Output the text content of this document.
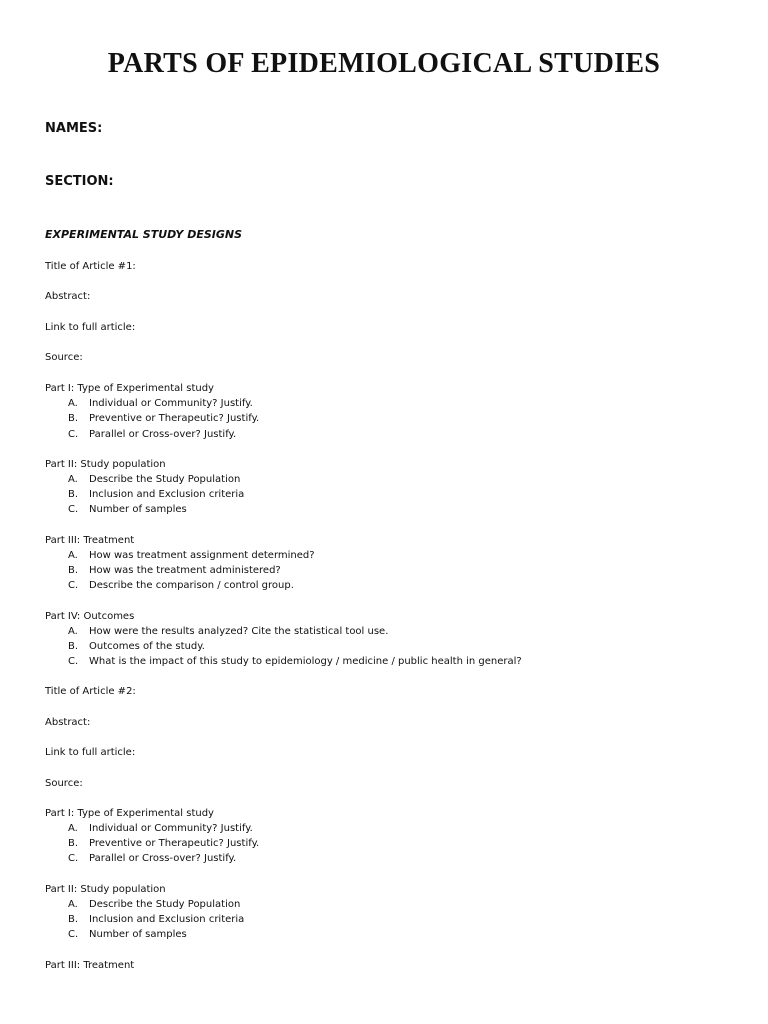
PARTS OF EPIDEMIOLOGICAL STUDIES
NAMES:
SECTION:
EXPERIMENTAL STUDY DESIGNS
Title of Article #1:
Abstract:
Link to full article:
Source:
Part I: Type of Experimental study
A. Individual or Community? Justify.
B. Preventive or Therapeutic? Justify.
C. Parallel or Cross-over? Justify.
Part II: Study population
A. Describe the Study Population
B. Inclusion and Exclusion criteria
C. Number of samples
Part III: Treatment
A. How was treatment assignment determined?
B. How was the treatment administered?
C. Describe the comparison / control group.
Part IV: Outcomes
A. How were the results analyzed? Cite the statistical tool use.
B. Outcomes of the study.
C. What is the impact of this study to epidemiology / medicine / public health in general?
Title of Article #2:
Abstract:
Link to full article:
Source:
Part I: Type of Experimental study
A. Individual or Community? Justify.
B. Preventive or Therapeutic? Justify.
C. Parallel or Cross-over? Justify.
Part II: Study population
A. Describe the Study Population
B. Inclusion and Exclusion criteria
C. Number of samples
Part III: Treatment
